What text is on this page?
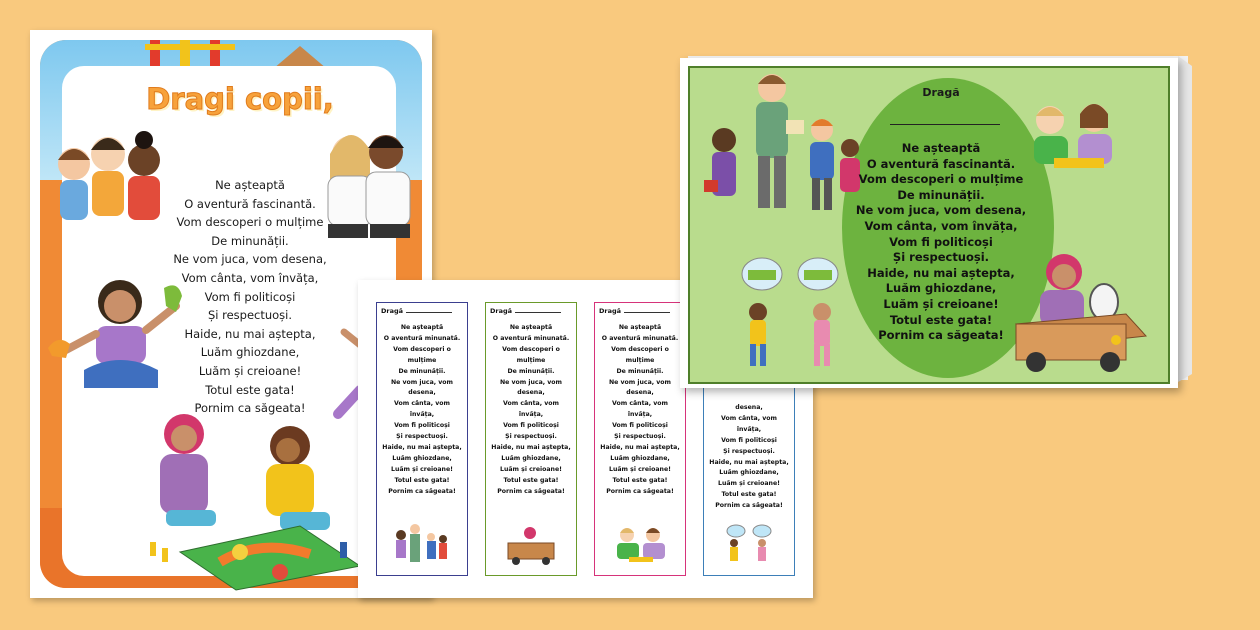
Dragi copii,
Ne așteaptă
O aventură fascinantă.
Vom descoperi o mulțime
De minunății.
Ne vom juca, vom desena,
Vom cânta, vom învăța,
Vom fi politicoși
Și respectuoși.
Haide, nu mai aștepta,
Luăm ghiozdane,
Luăm și creioane!
Totul este gata!
Pornim ca săgeata!
Dragă
Ne așteaptă
O aventură minunată.
Vom descoperi o
mulțime
De minunății.
Ne vom juca, vom
desena,
Vom cânta, vom
învăța,
Vom fi politicoși
Și respectuoși.
Haide, nu mai aștepta,
Luăm ghiozdane,
Luăm și creioane!
Totul este gata!
Pornim ca săgeata!
Dragă
Ne așteaptă
O aventură minunată.
Vom descoperi o
mulțime
De minunății.
Ne vom juca, vom
desena,
Vom cânta, vom
învăța,
Vom fi politicoși
Și respectuoși.
Haide, nu mai aștepta,
Luăm ghiozdane,
Luăm și creioane!
Totul este gata!
Pornim ca săgeata!
Dragă
Ne așteaptă
O aventură minunată.
Vom descoperi o
mulțime
De minunății.
Ne vom juca, vom
desena,
Vom cânta, vom
învăța,
Vom fi politicoși
Și respectuoși.
Haide, nu mai aștepta,
Luăm ghiozdane,
Luăm și creioane!
Totul este gata!
Pornim ca săgeata!
desena,
Vom cânta, vom
învăța,
Vom fi politicoși
Și respectuoși.
Haide, nu mai aștepta,
Luăm ghiozdane,
Luăm și creioane!
Totul este gata!
Pornim ca săgeata!
Dragă
Ne așteaptă
O aventură fascinantă.
Vom descoperi o mulțime
De minunății.
Ne vom juca, vom desena,
Vom cânta, vom învăța,
Vom fi politicoși
Și respectuoși.
Haide, nu mai aștepta,
Luăm ghiozdane,
Luăm și creioane!
Totul este gata!
Pornim ca săgeata!
